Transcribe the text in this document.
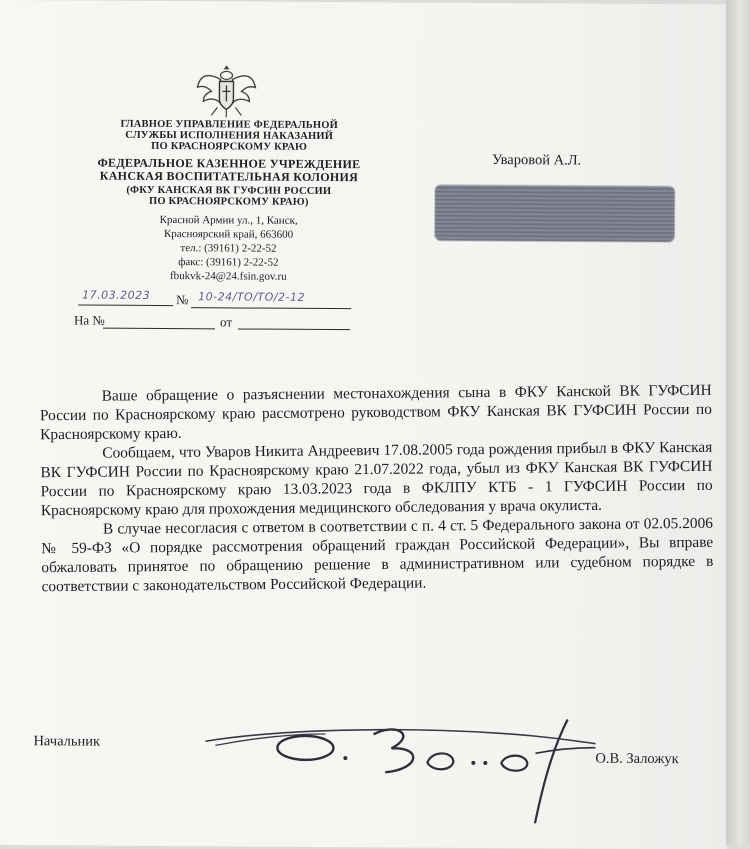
ГЛАВНОЕ УПРАВЛЕНИЕ ФЕДЕРАЛЬНОЙ
СЛУЖБЫ ИСПОЛНЕНИЯ НАКАЗАНИЙ
ПО КРАСНОЯРСКОМУ КРАЮ
ФЕДЕРАЛЬНОЕ КАЗЕННОЕ УЧРЕЖДЕНИЕ
КАНСКАЯ ВОСПИТАТЕЛЬНАЯ КОЛОНИЯ
(ФКУ КАНСКАЯ ВК ГУФСИН РОССИИ
ПО КРАСНОЯРСКОМУ КРАЮ)
Красной Армии ул., 1, Канск,
Красноярский край, 663600
тел.: (39161) 2-22-52
факс: (39161) 2-22-52
fbukvk-24@24.fsin.gov.ru
17.03.2023 № 10-24/ТО/ТО/2-12
На №	от
Уваровой А.Л.

Ваше обращение о разъяснении местонахождения сына в ФКУ Канской ВК ГУФСИН России по Красноярскому краю рассмотрено руководством ФКУ Канская ВК ГУФСИН России по Красноярскому краю.

Сообщаем, что Уваров Никита Андреевич 17.08.2005 года рождения прибыл в ФКУ Канская ВК ГУФСИН России по Красноярскому краю 21.07.2022 года, убыл из ФКУ Канская ВК ГУФСИН России по Красноярскому краю 13.03.2023 года в ФКЛПУ КТБ - 1 ГУФСИН России по Красноярскому краю для прохождения медицинского обследования у врача окулиста.

В случае несогласия с ответом в соответствии с п. 4 ст. 5 Федерального закона от 02.05.2006 № 59-ФЗ «О порядке рассмотрения обращений граждан Российской Федерации», Вы вправе обжаловать принятое по обращению решение в административном или судебном порядке в соответствии с законодательством Российской Федерации.

Начальник
О.В. Заложук
